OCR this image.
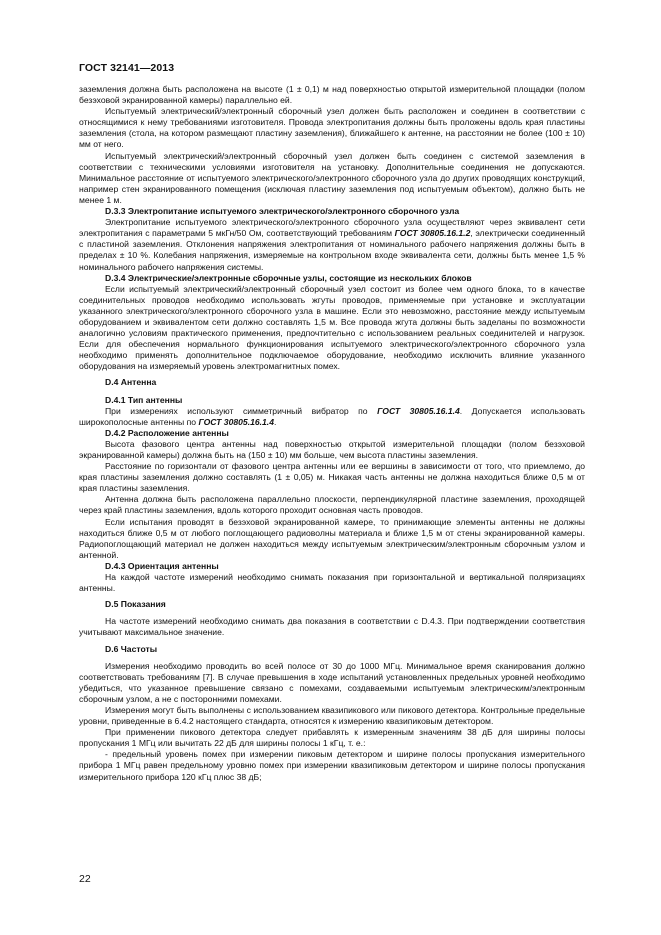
ГОСТ 32141—2013

заземления должна быть расположена на высоте (1 ± 0,1) м над поверхностью открытой измерительной площадки (полом безэховой экранированной камеры) параллельно ей.

Испытуемый электрический/электронный сборочный узел должен быть расположен и соединен в соответствии с относящимися к нему требованиями изготовителя. Провода электропитания должны быть проложены вдоль края пластины заземления (стола, на котором размещают пластину заземления), ближайшего к антенне, на расстоянии не более (100 ± 10) мм от него.

Испытуемый электрический/электронный сборочный узел должен быть соединен с системой заземления в соответствии с техническими условиями изготовителя на установку. Дополнительные соединения не допускаются. Минимальное расстояние от испытуемого электрического/электронного сборочного узла до других проводящих конструкций, например стен экранированного помещения (исключая пластину заземления под испытуемым объектом), должно быть не менее 1 м.

D.3.3 Электропитание испытуемого электрического/электронного сборочного узла

Электропитание испытуемого электрического/электронного сборочного узла осуществляют через эквивалент сети электропитания с параметрами 5 мкГн/50 Ом, соответствующий требованиям ГОСТ 30805.16.1.2, электрически соединенный с пластиной заземления. Отклонения напряжения электропитания от номинального рабочего напряжения должны быть в пределах ± 10 %. Колебания напряжения, измеряемые на контрольном входе эквивалента сети, должны быть менее 1,5 % номинального рабочего напряжения системы.

D.3.4 Электрические/электронные сборочные узлы, состоящие из нескольких блоков

Если испытуемый электрический/электронный сборочный узел состоит из более чем одного блока, то в качестве соединительных проводов необходимо использовать жгуты проводов, применяемые при установке и эксплуатации указанного электрического/электронного сборочного узла в машине. Если это невозможно, расстояние между испытуемым оборудованием и эквивалентом сети должно составлять 1,5 м. Все провода жгута должны быть заделаны по возможности аналогично условиям практического применения, предпочтительно с использованием реальных соединителей и нагрузок. Если для обеспечения нормального функционирования испытуемого электрического/электронного сборочного узла необходимо применять дополнительное подключаемое оборудование, необходимо исключить влияние указанного оборудования на измеряемый уровень электромагнитных помех.

D.4 Антенна
D.4.1 Тип антенны

При измерениях используют симметричный вибратор по ГОСТ 30805.16.1.4. Допускается использовать широкополосные антенны по ГОСТ 30805.16.1.4.

D.4.2 Расположение антенны

Высота фазового центра антенны над поверхностью открытой измерительной площадки (полом безэховой экранированной камеры) должна быть на (150 ± 10) мм больше, чем высота пластины заземления.

Расстояние по горизонтали от фазового центра антенны или ее вершины в зависимости от того, что приемлемо, до края пластины заземления должно составлять (1 ± 0,05) м. Никакая часть антенны не должна находиться ближе 0,5 м от края пластины заземления.

Антенна должна быть расположена параллельно плоскости, перпендикулярной пластине заземления, проходящей через край пластины заземления, вдоль которого проходит основная часть проводов.

Если испытания проводят в безэховой экранированной камере, то принимающие элементы антенны не должны находиться ближе 0,5 м от любого поглощающего радиоволны материала и ближе 1,5 м от стены экранированной камеры. Радиопоглощающий материал не должен находиться между испытуемым электрическим/электронным сборочным узлом и антенной.

D.4.3 Ориентация антенны

На каждой частоте измерений необходимо снимать показания при горизонтальной и вертикальной поляризациях антенны.

D.5 Показания

На частоте измерений необходимо снимать два показания в соответствии с D.4.3. При подтверждении соответствия учитывают максимальное значение.

D.6 Частоты

Измерения необходимо проводить во всей полосе от 30 до 1000 МГц. Минимальное время сканирования должно соответствовать требованиям [7]. В случае превышения в ходе испытаний установленных предельных уровней необходимо убедиться, что указанное превышение связано с помехами, создаваемыми испытуемым электрическим/электронным сборочным узлом, а не с посторонними помехами.

Измерения могут быть выполнены с использованием квазипикового или пикового детектора. Контрольные предельные уровни, приведенные в 6.4.2 настоящего стандарта, относятся к измерению квазипиковым детектором.

При применении пикового детектора следует прибавлять к измеренным значениям 38 дБ для ширины полосы пропускания 1 МГц или вычитать 22 дБ для ширины полосы 1 кГц, т. е.:

- предельный уровень помех при измерении пиковым детектором и ширине полосы пропускания измерительного прибора 1 МГц равен предельному уровню помех при измерении квазипиковым детектором и ширине полосы пропускания измерительного прибора 120 кГц плюс 38 дБ;

22
